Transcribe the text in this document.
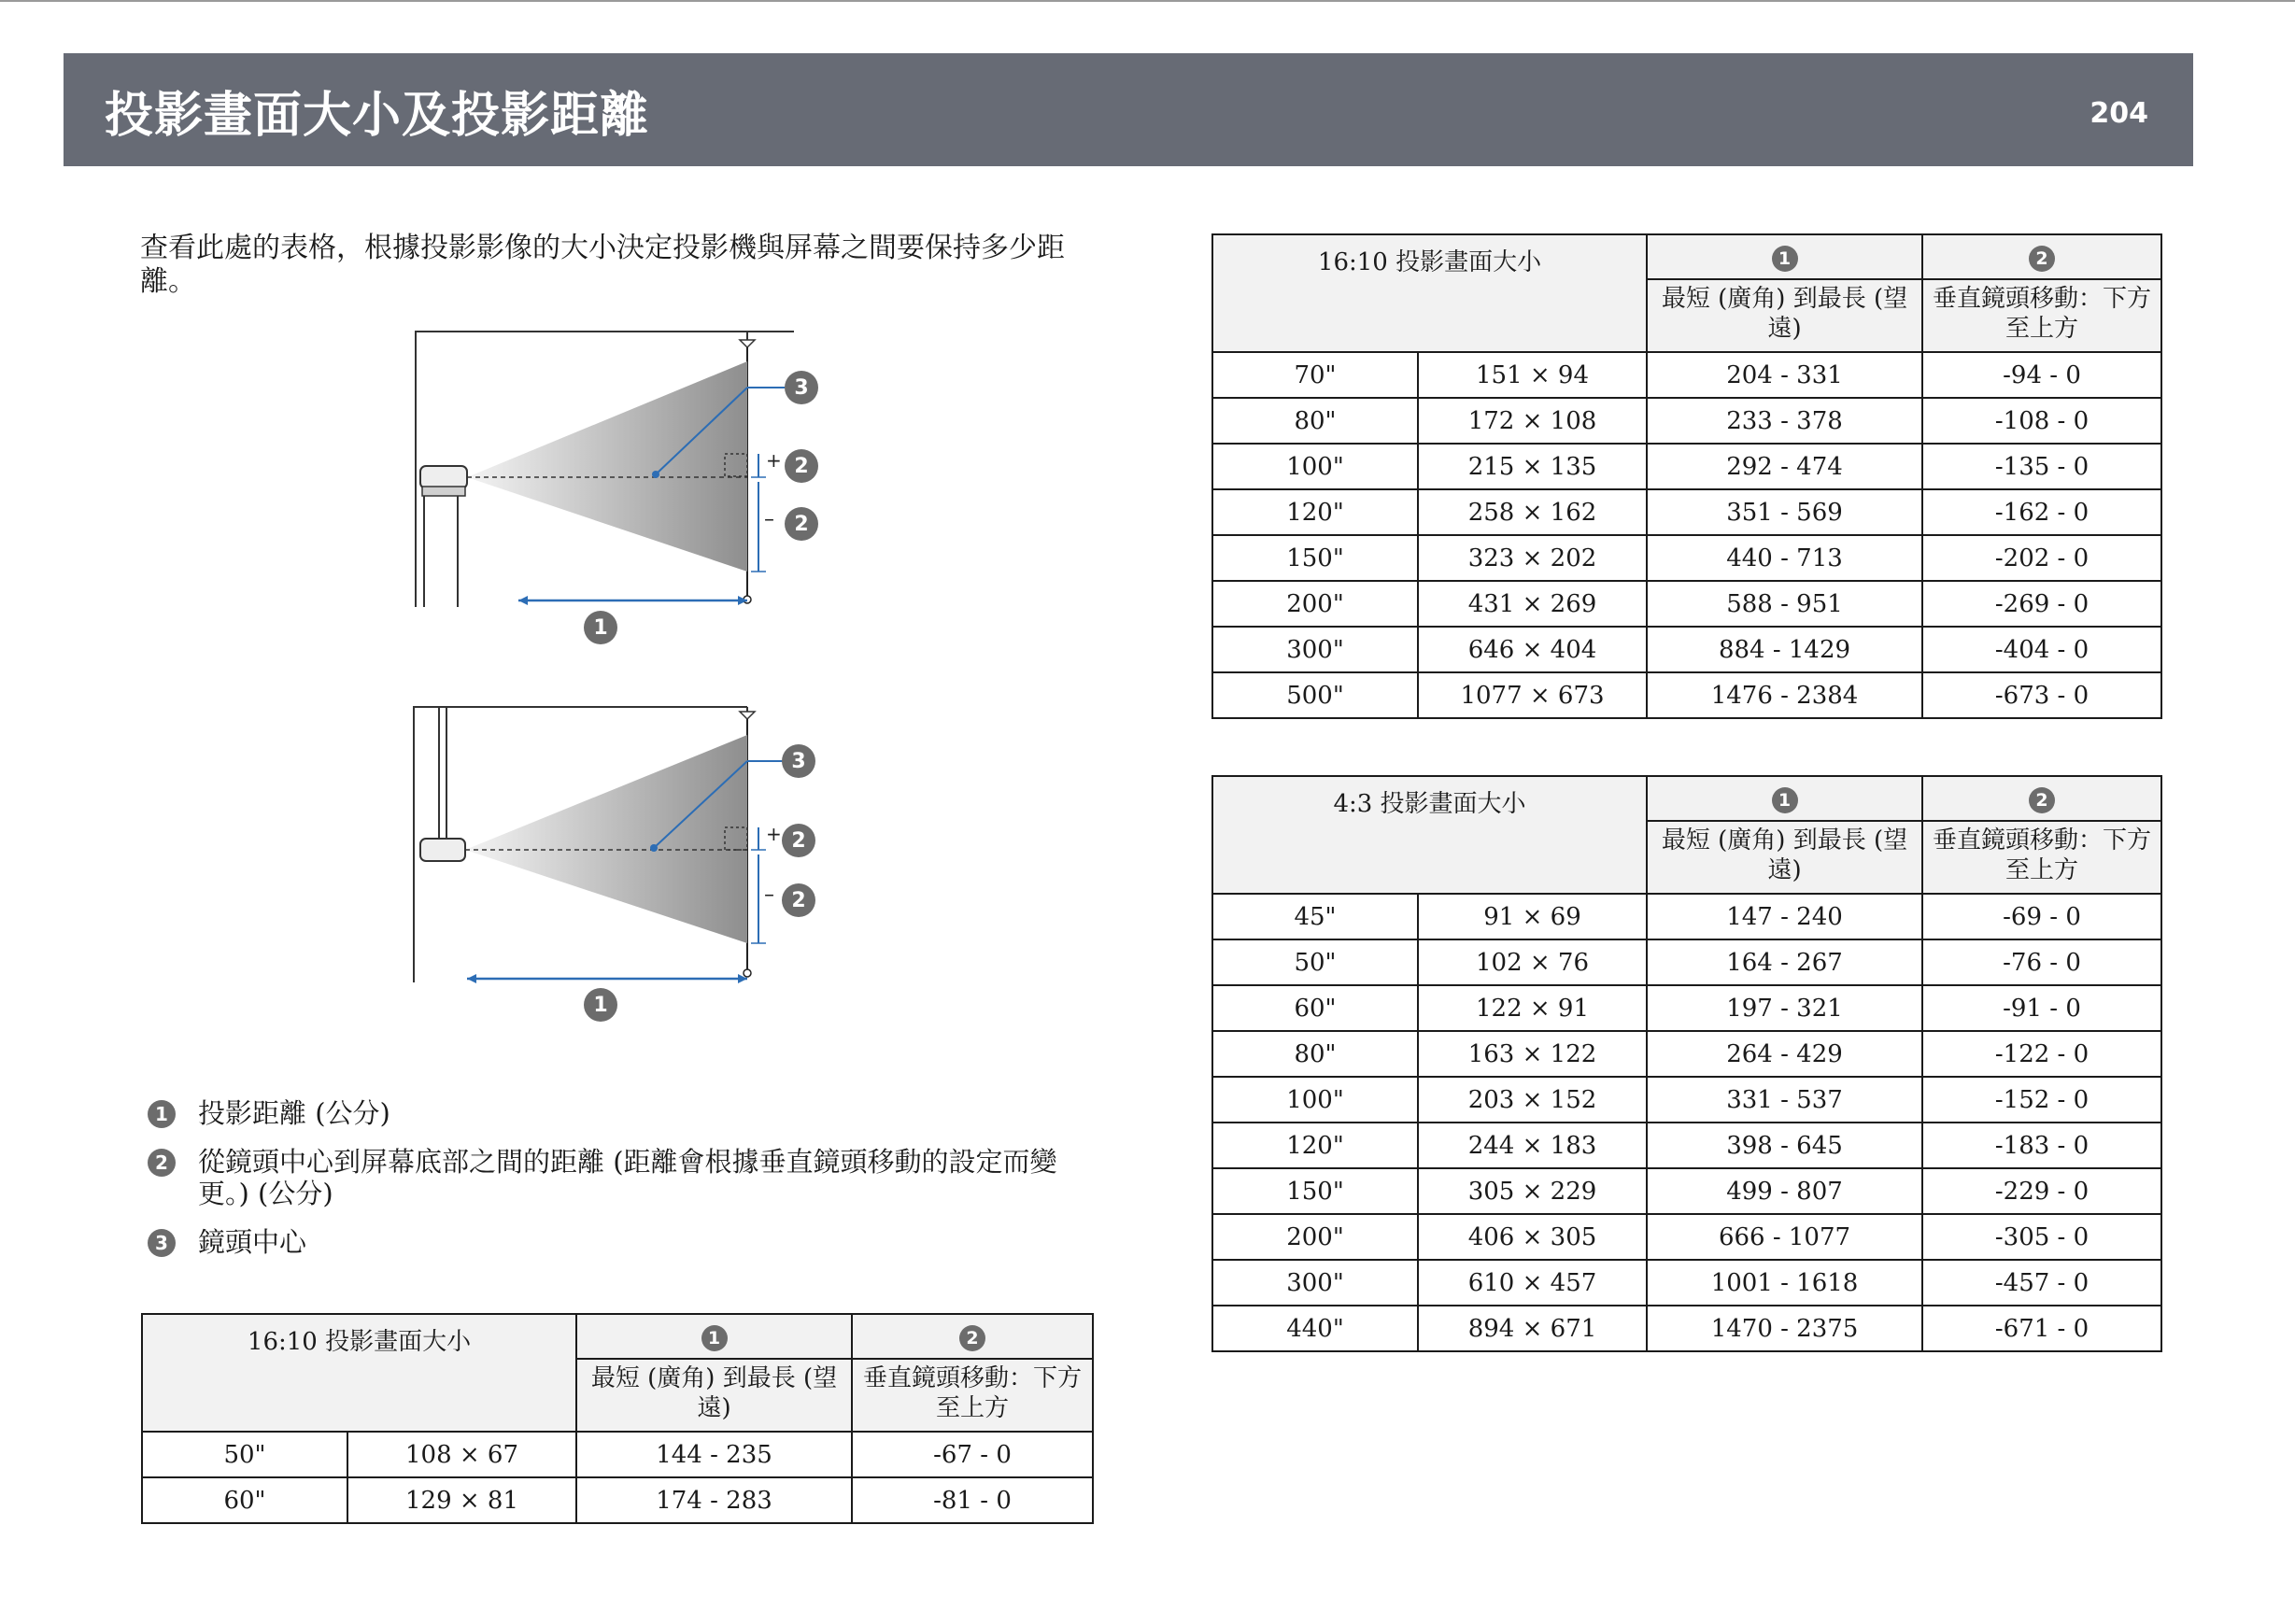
投影畫面大小及投影距離	204
查看此處的表格，根據投影影像的大小決定投影機與屏幕之間要保持多少距離。
+
–
3
2
2
1
+
–
3
2
2
1
1 投影距離 (公分)
2 從鏡頭中心到屏幕底部之間的距離 (距離會根據垂直鏡頭移動的設定而變更。) (公分)
3 鏡頭中心
16:10 投影畫面大小		1	2
		最短 (廣角) 到最長 (望遠)	垂直鏡頭移動：下方至上方
50"	108 × 67	144 - 235	-67 - 0
60"	129 × 81	174 - 283	-81 - 0
16:10 投影畫面大小		1	2
		最短 (廣角) 到最長 (望遠)	垂直鏡頭移動：下方至上方
70"	151 × 94	204 - 331	-94 - 0
80"	172 × 108	233 - 378	-108 - 0
100"	215 × 135	292 - 474	-135 - 0
120"	258 × 162	351 - 569	-162 - 0
150"	323 × 202	440 - 713	-202 - 0
200"	431 × 269	588 - 951	-269 - 0
300"	646 × 404	884 - 1429	-404 - 0
500"	1077 × 673	1476 - 2384	-673 - 0
4:3 投影畫面大小		1	2
		最短 (廣角) 到最長 (望遠)	垂直鏡頭移動：下方至上方
45"	91 × 69	147 - 240	-69 - 0
50"	102 × 76	164 - 267	-76 - 0
60"	122 × 91	197 - 321	-91 - 0
80"	163 × 122	264 - 429	-122 - 0
100"	203 × 152	331 - 537	-152 - 0
120"	244 × 183	398 - 645	-183 - 0
150"	305 × 229	499 - 807	-229 - 0
200"	406 × 305	666 - 1077	-305 - 0
300"	610 × 457	1001 - 1618	-457 - 0
440"	894 × 671	1470 - 2375	-671 - 0
